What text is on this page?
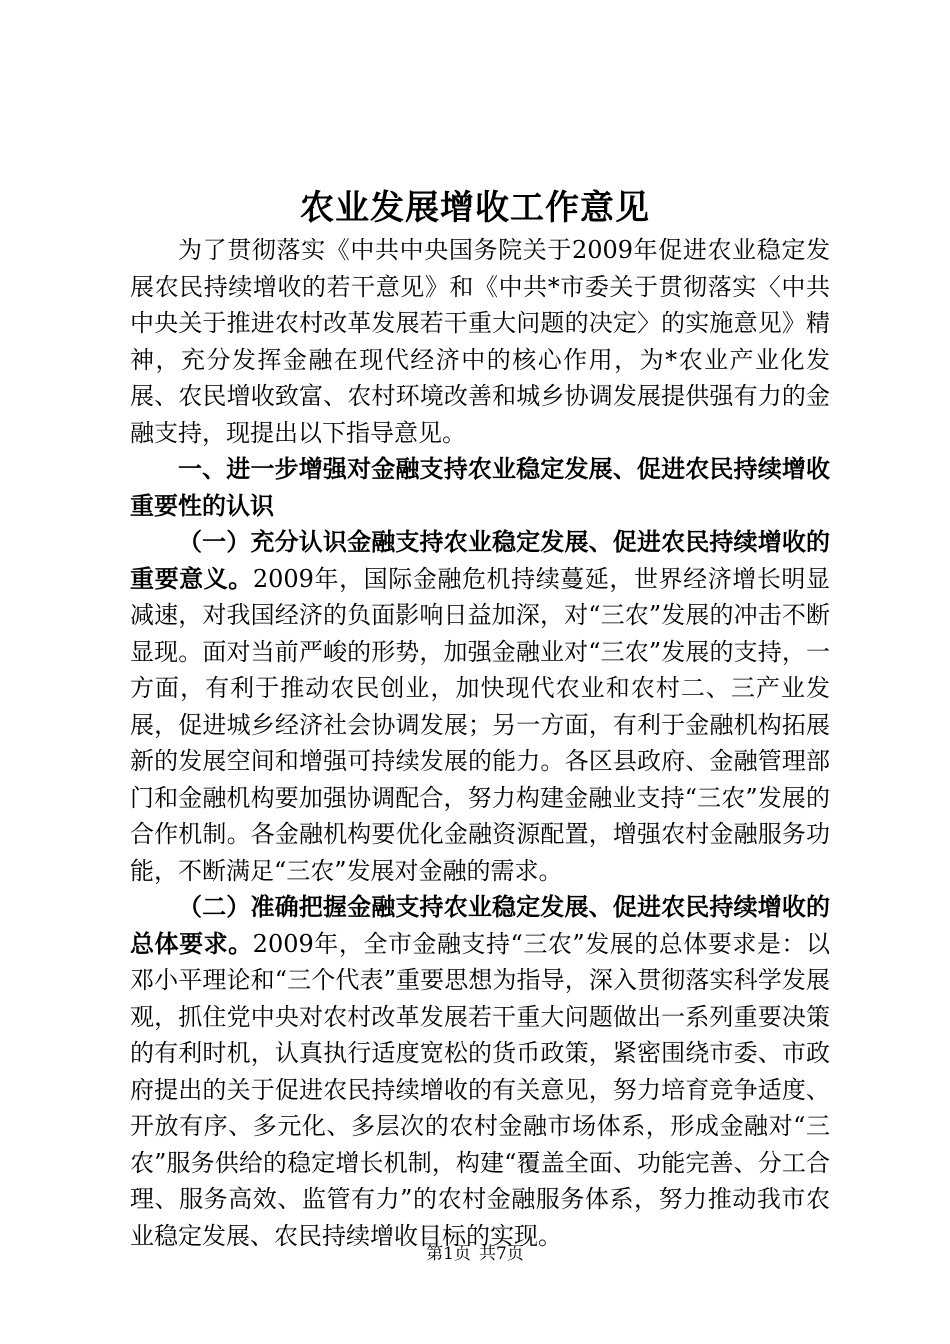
农业发展增收工作意见

为了贯彻落实《中共中央国务院关于2009年促进农业稳定发展农民持续增收的若干意见》和《中共*市委关于贯彻落实〈中共中央关于推进农村改革发展若干重大问题的决定〉的实施意见》精神，充分发挥金融在现代经济中的核心作用，为*农业产业化发展、农民增收致富、农村环境改善和城乡协调发展提供强有力的金融支持，现提出以下指导意见。

一、进一步增强对金融支持农业稳定发展、促进农民持续增收重要性的认识

（一）充分认识金融支持农业稳定发展、促进农民持续增收的重要意义。2009年，国际金融危机持续蔓延，世界经济增长明显减速，对我国经济的负面影响日益加深，对“三农”发展的冲击不断显现。面对当前严峻的形势，加强金融业对“三农”发展的支持，一方面，有利于推动农民创业，加快现代农业和农村二、三产业发展，促进城乡经济社会协调发展；另一方面，有利于金融机构拓展新的发展空间和增强可持续发展的能力。各区县政府、金融管理部门和金融机构要加强协调配合，努力构建金融业支持“三农”发展的合作机制。各金融机构要优化金融资源配置，增强农村金融服务功能，不断满足“三农”发展对金融的需求。

（二）准确把握金融支持农业稳定发展、促进农民持续增收的总体要求。2009年，全市金融支持“三农”发展的总体要求是：以邓小平理论和“三个代表”重要思想为指导，深入贯彻落实科学发展观，抓住党中央对农村改革发展若干重大问题做出一系列重要决策的有利时机，认真执行适度宽松的货币政策，紧密围绕市委、市政府提出的关于促进农民持续增收的有关意见，努力培育竞争适度、开放有序、多元化、多层次的农村金融市场体系，形成金融对“三农”服务供给的稳定增长机制，构建“覆盖全面、功能完善、分工合理、服务高效、监管有力”的农村金融服务体系，努力推动我市农业稳定发展、农民持续增收目标的实现。

第1页 共7页
